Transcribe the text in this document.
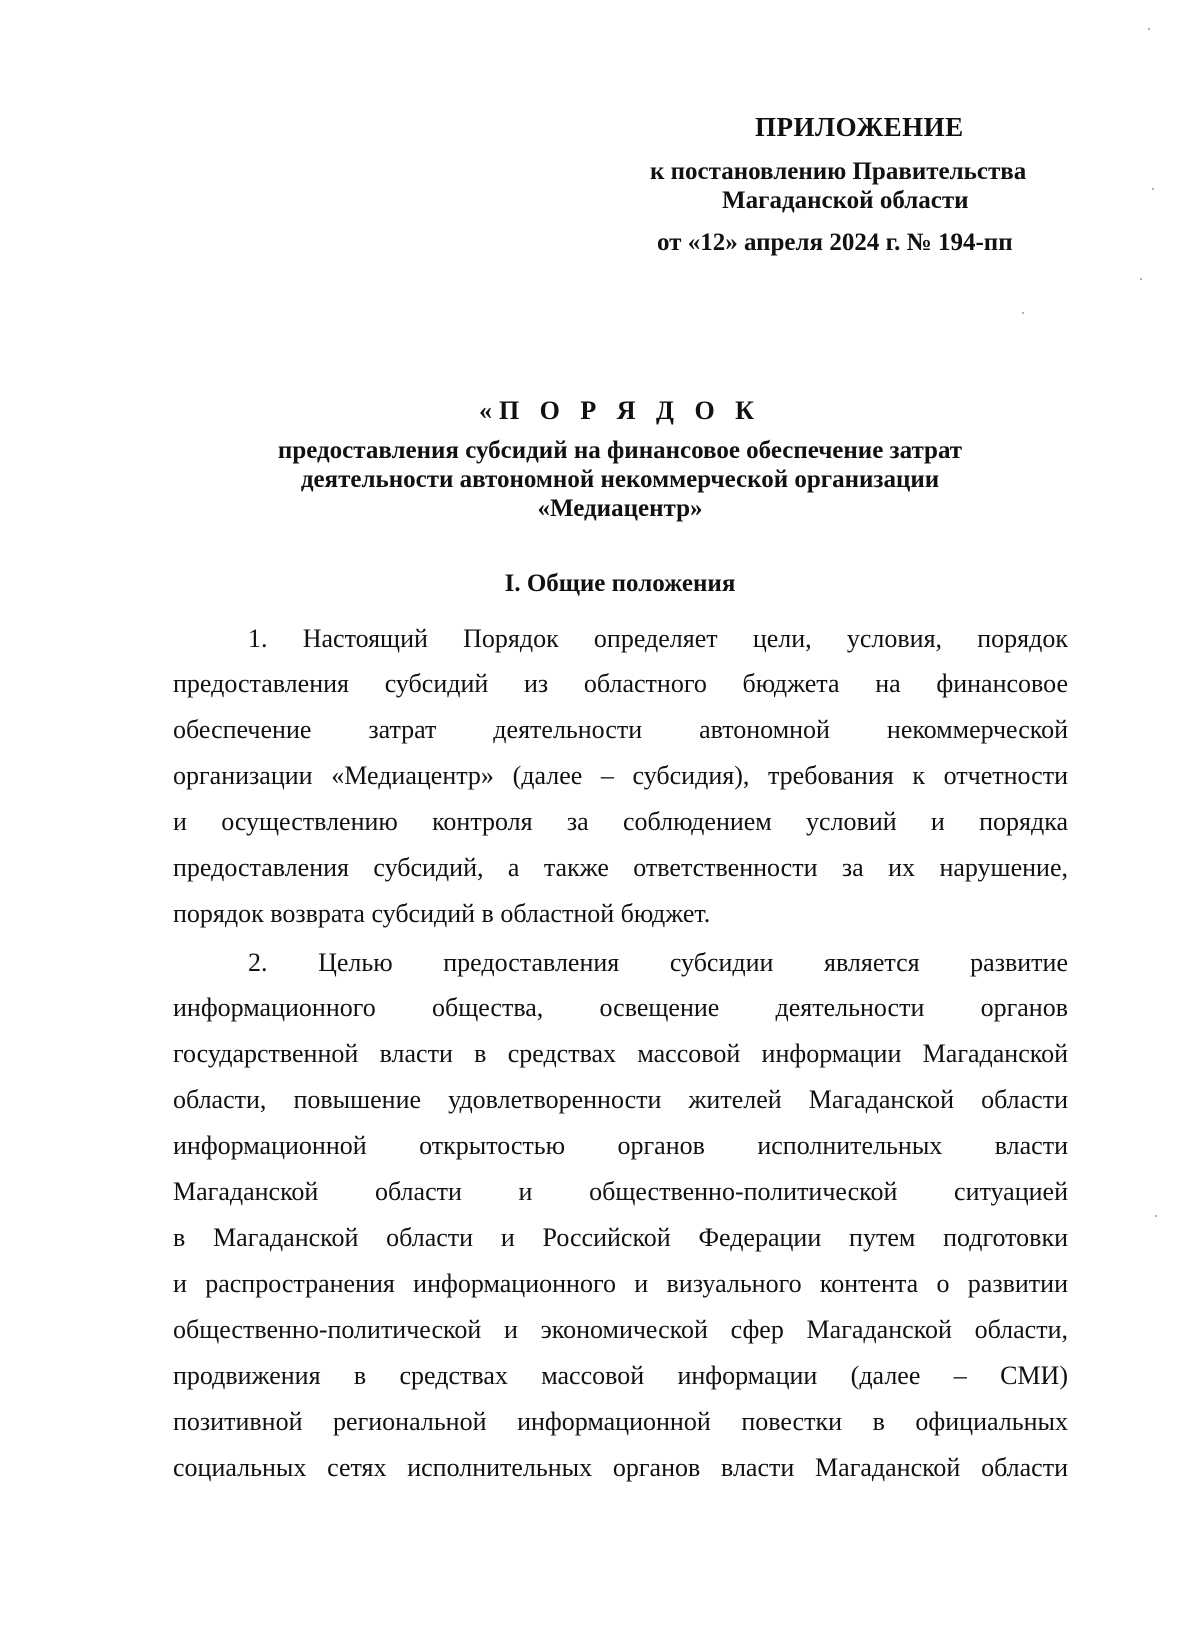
ПРИЛОЖЕНИЕ
к постановлению Правительства
Магаданской области
от «12» апреля 2024 г. № 194-пп
«П О Р Я Д О К
предоставления субсидий на финансовое обеспечение затрат
деятельности автономной некоммерческой организации
«Медиацентр»
I. Общие положения
1. Настоящий Порядок определяет цели, условия, порядок
предоставления субсидий из областного бюджета на финансовое
обеспечение затрат деятельности автономной некоммерческой
организации «Медиацентр» (далее – субсидия), требования к отчетности
и осуществлению контроля за соблюдением условий и порядка
предоставления субсидий, а также ответственности за их нарушение,
порядок возврата субсидий в областной бюджет.
2. Целью предоставления субсидии является развитие
информационного общества, освещение деятельности органов
государственной власти в средствах массовой информации Магаданской
области, повышение удовлетворенности жителей Магаданской области
информационной открытостью органов исполнительных власти
Магаданской области и общественно-политической ситуацией
в Магаданской области и Российской Федерации путем подготовки
и распространения информационного и визуального контента о развитии
общественно-политической и экономической сфер Магаданской области,
продвижения в средствах массовой информации (далее – СМИ)
позитивной региональной информационной повестки в официальных
социальных сетях исполнительных органов власти Магаданской области
